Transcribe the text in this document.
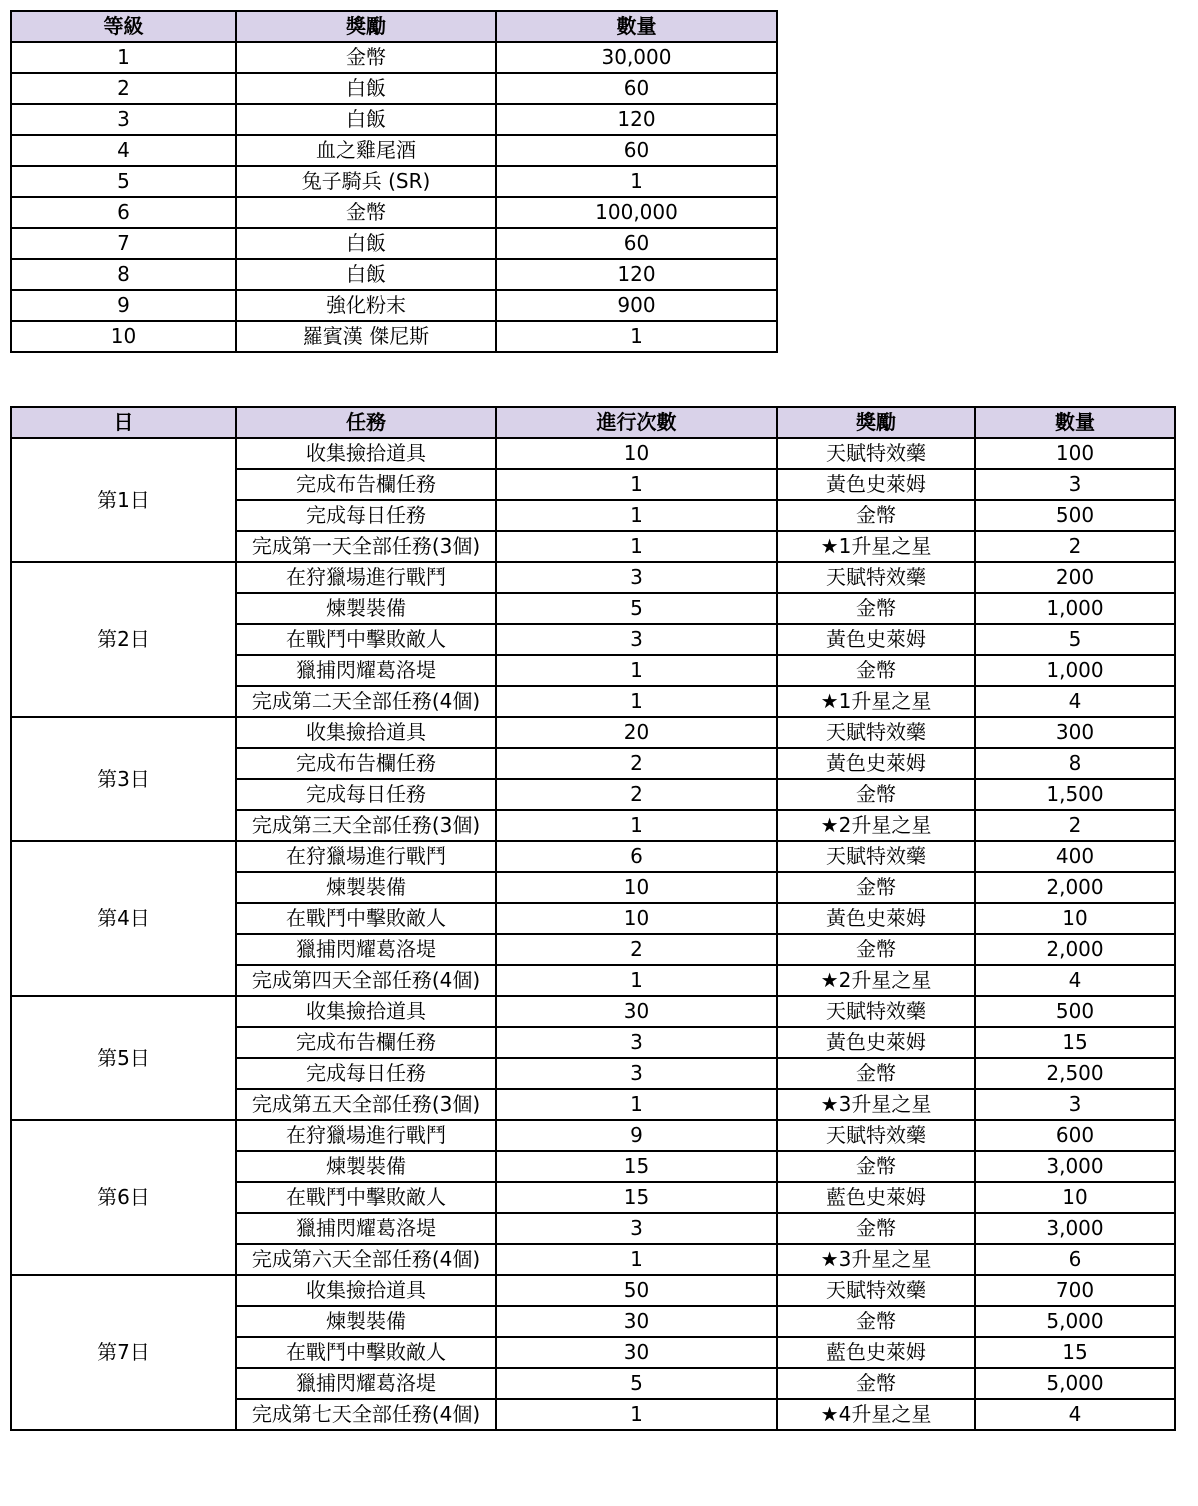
等級	獎勵	數量
1	金幣	30,000
2	白飯	60
3	白飯	120
4	血之雞尾酒	60
5	兔子騎兵 (SR)	1
6	金幣	100,000
7	白飯	60
8	白飯	120
9	強化粉末	900
10	羅賓漢 傑尼斯	1
日	任務	進行次數	獎勵	數量
第1日	收集撿拾道具	10	天賦特效藥	100
	完成布告欄任務	1	黃色史萊姆	3
	完成每日任務	1	金幣	500
	完成第一天全部任務(3個)	1	★1升星之星	2
第2日	在狩獵場進行戰鬥	3	天賦特效藥	200
	煉製裝備	5	金幣	1,000
	在戰鬥中擊敗敵人	3	黃色史萊姆	5
	獵捕閃耀葛洛堤	1	金幣	1,000
	完成第二天全部任務(4個)	1	★1升星之星	4
第3日	收集撿拾道具	20	天賦特效藥	300
	完成布告欄任務	2	黃色史萊姆	8
	完成每日任務	2	金幣	1,500
	完成第三天全部任務(3個)	1	★2升星之星	2
第4日	在狩獵場進行戰鬥	6	天賦特效藥	400
	煉製裝備	10	金幣	2,000
	在戰鬥中擊敗敵人	10	黃色史萊姆	10
	獵捕閃耀葛洛堤	2	金幣	2,000
	完成第四天全部任務(4個)	1	★2升星之星	4
第5日	收集撿拾道具	30	天賦特效藥	500
	完成布告欄任務	3	黃色史萊姆	15
	完成每日任務	3	金幣	2,500
	完成第五天全部任務(3個)	1	★3升星之星	3
第6日	在狩獵場進行戰鬥	9	天賦特效藥	600
	煉製裝備	15	金幣	3,000
	在戰鬥中擊敗敵人	15	藍色史萊姆	10
	獵捕閃耀葛洛堤	3	金幣	3,000
	完成第六天全部任務(4個)	1	★3升星之星	6
第7日	收集撿拾道具	50	天賦特效藥	700
	煉製裝備	30	金幣	5,000
	在戰鬥中擊敗敵人	30	藍色史萊姆	15
	獵捕閃耀葛洛堤	5	金幣	5,000
	完成第七天全部任務(4個)	1	★4升星之星	4
